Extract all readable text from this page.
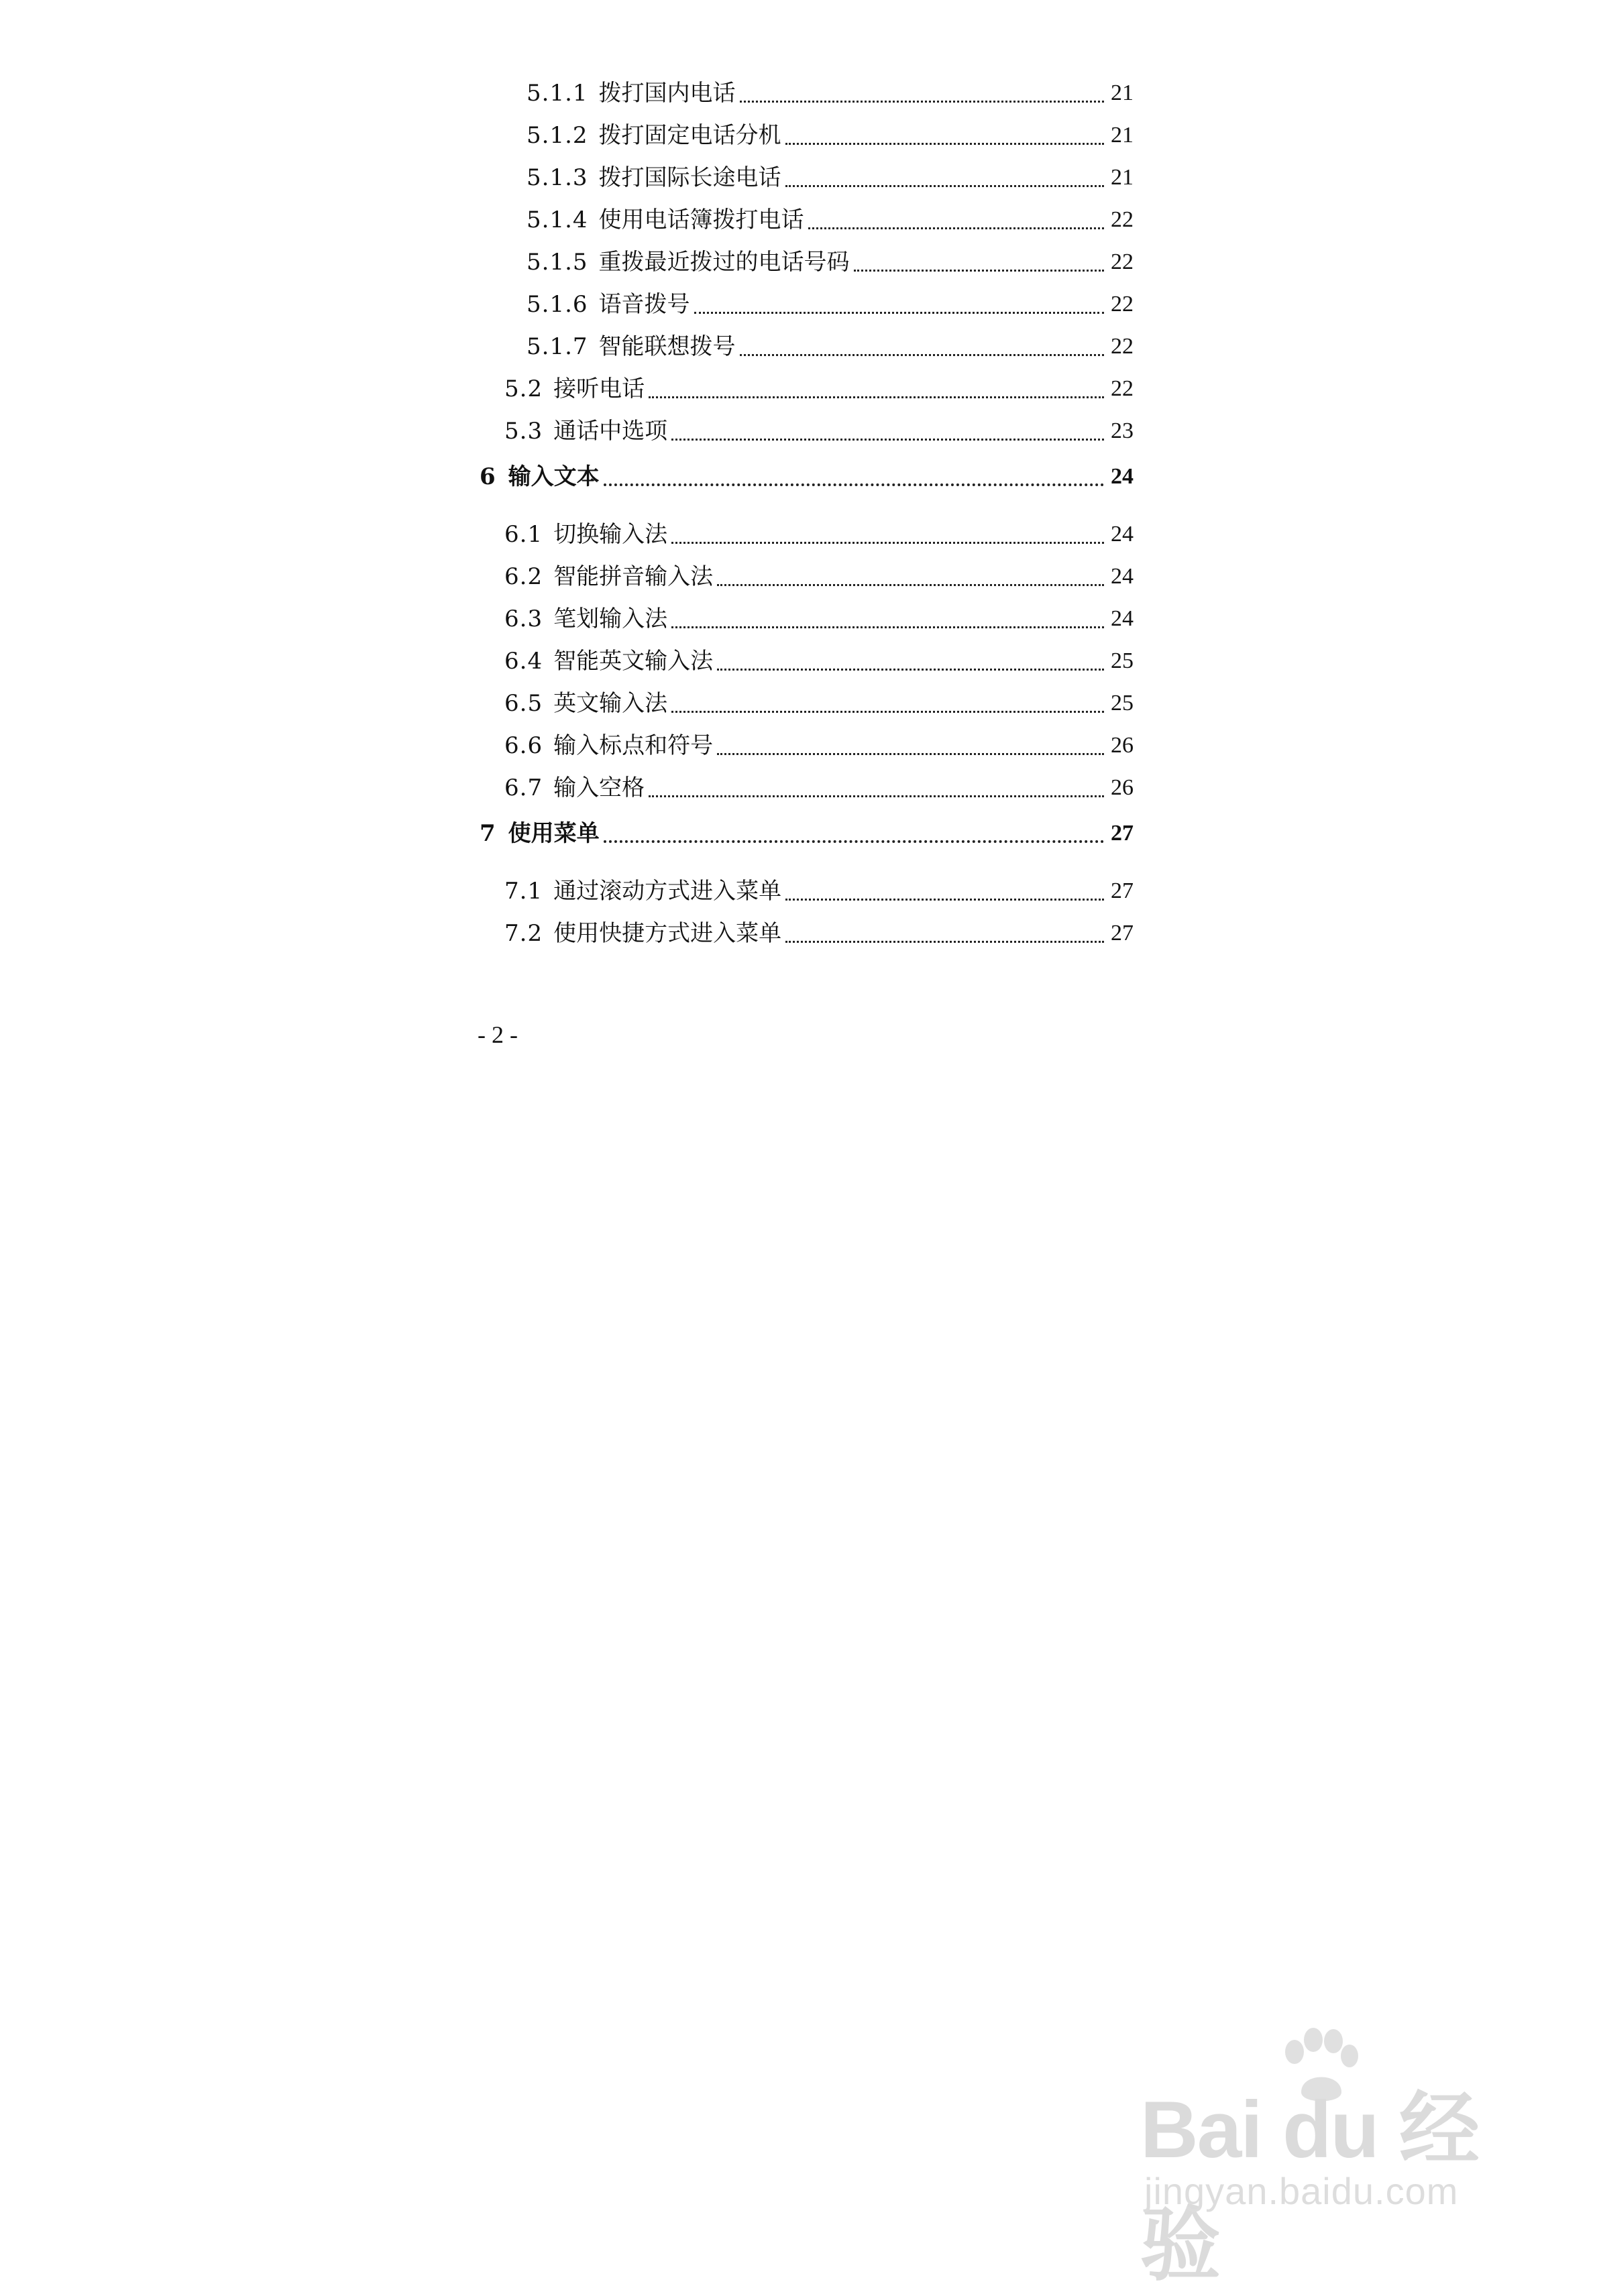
5.1.1 拨打国内电话	21
5.1.2 拨打固定电话分机	21
5.1.3 拨打国际长途电话	21
5.1.4 使用电话簿拨打电话	22
5.1.5 重拨最近拨过的电话号码	22
5.1.6 语音拨号	22
5.1.7 智能联想拨号	22
5.2 接听电话	22
5.3 通话中选项	23
6 输入文本	24
6.1 切换输入法	24
6.2 智能拼音输入法	24
6.3 笔划输入法	24
6.4 智能英文输入法	25
6.5 英文输入法	25
6.6 输入标点和符号	26
6.7 输入空格	26
7 使用菜单	27
7.1 通过滚动方式进入菜单	27
7.2 使用快捷方式进入菜单	27
- 2 -
Bai du 经验
jingyan.baidu.com
